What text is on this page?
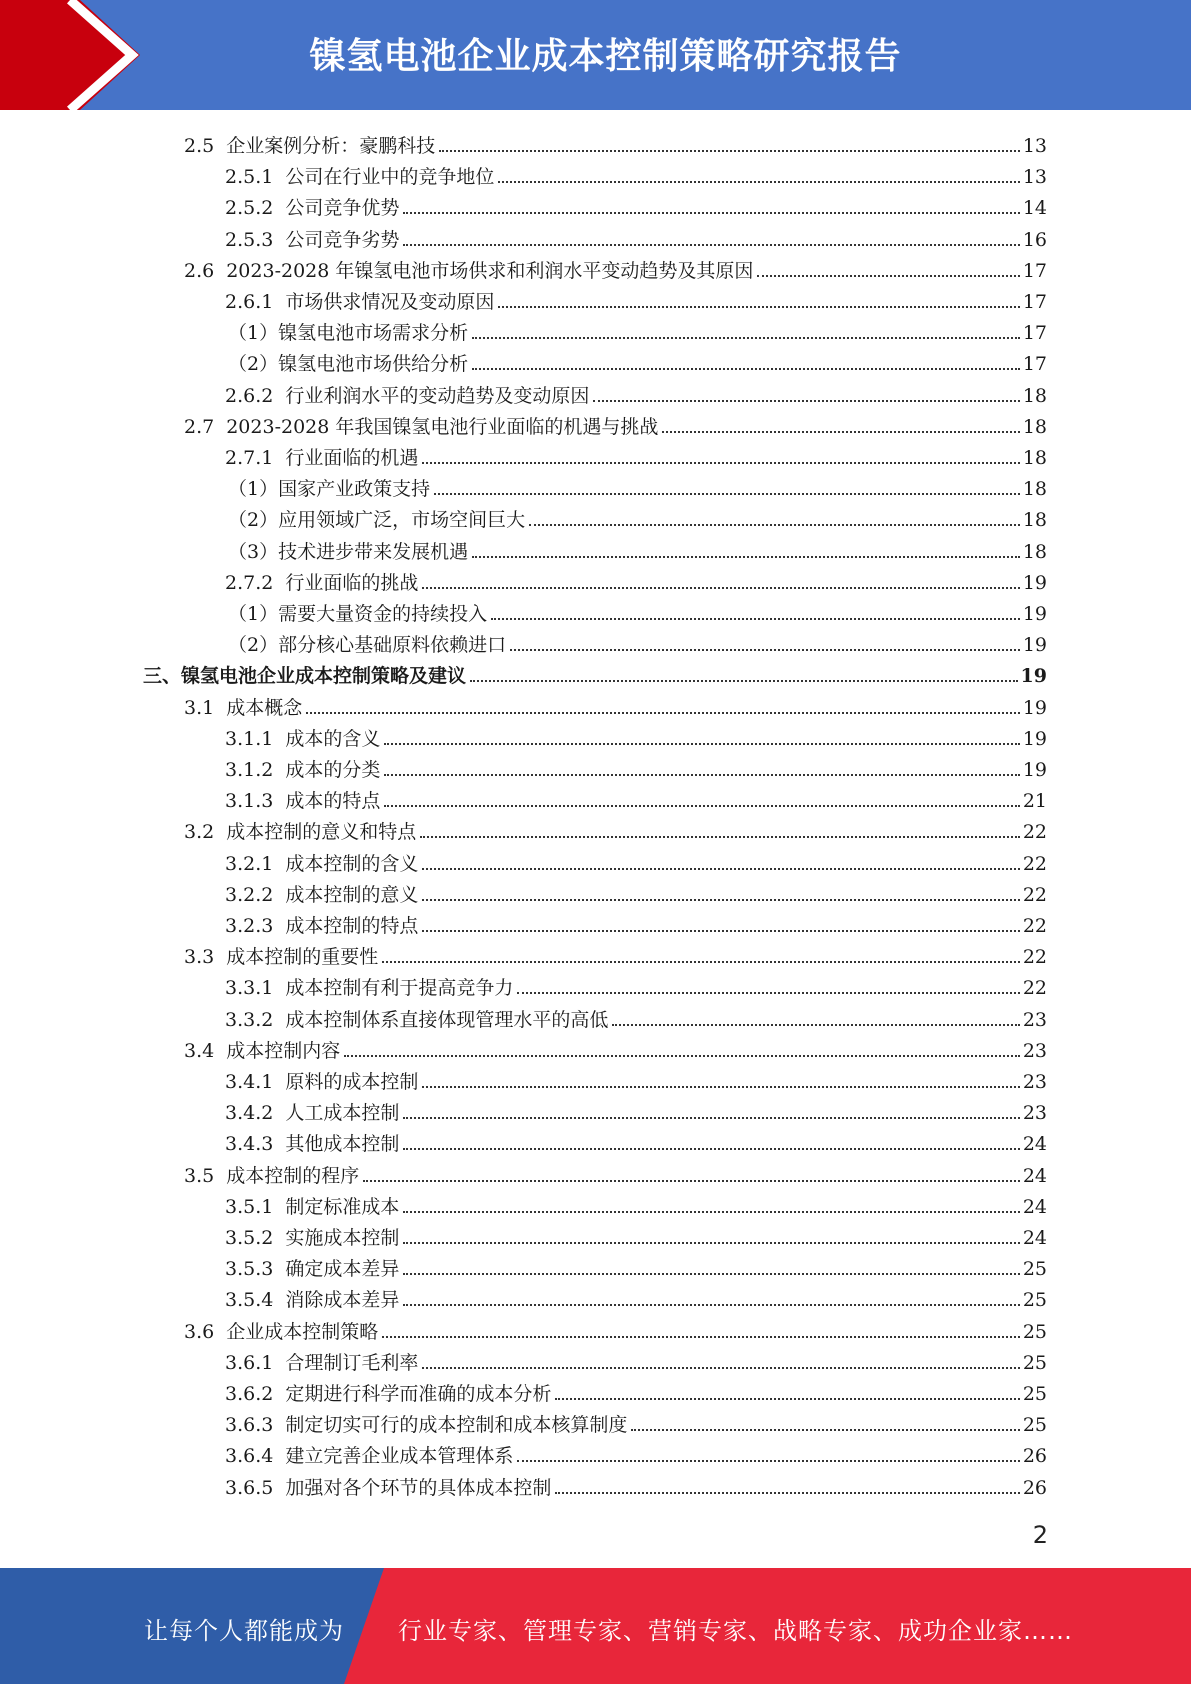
镍氢电池企业成本控制策略研究报告
2.5 企业案例分析：豪鹏科技	13
2.5.1 公司在行业中的竞争地位	13
2.5.2 公司竞争优势	14
2.5.3 公司竞争劣势	16
2.6 2023-2028 年镍氢电池市场供求和利润水平变动趋势及其原因	17
2.6.1 市场供求情况及变动原因	17
（1） 镍氢电池市场需求分析	17
（2） 镍氢电池市场供给分析	17
2.6.2 行业利润水平的变动趋势及变动原因	18
2.7 2023-2028 年我国镍氢电池行业面临的机遇与挑战	18
2.7.1 行业面临的机遇	18
（1） 国家产业政策支持	18
（2） 应用领域广泛，市场空间巨大	18
（3） 技术进步带来发展机遇	18
2.7.2 行业面临的挑战	19
（1） 需要大量资金的持续投入	19
（2） 部分核心基础原料依赖进口	19
三、 镍氢电池企业成本控制策略及建议	19
3.1 成本概念	19
3.1.1 成本的含义	19
3.1.2 成本的分类	19
3.1.3 成本的特点	21
3.2 成本控制的意义和特点	22
3.2.1 成本控制的含义	22
3.2.2 成本控制的意义	22
3.2.3 成本控制的特点	22
3.3 成本控制的重要性	22
3.3.1 成本控制有利于提高竞争力	22
3.3.2 成本控制体系直接体现管理水平的高低	23
3.4 成本控制内容	23
3.4.1 原料的成本控制	23
3.4.2 人工成本控制	23
3.4.3 其他成本控制	24
3.5 成本控制的程序	24
3.5.1 制定标准成本	24
3.5.2 实施成本控制	24
3.5.3 确定成本差异	25
3.5.4 消除成本差异	25
3.6 企业成本控制策略	25
3.6.1 合理制订毛利率	25
3.6.2 定期进行科学而准确的成本分析	25
3.6.3 制定切实可行的成本控制和成本核算制度	25
3.6.4 建立完善企业成本管理体系	26
3.6.5 加强对各个环节的具体成本控制	26
2
让每个人都能成为 行业专家、管理专家、营销专家、战略专家、成功企业家……
